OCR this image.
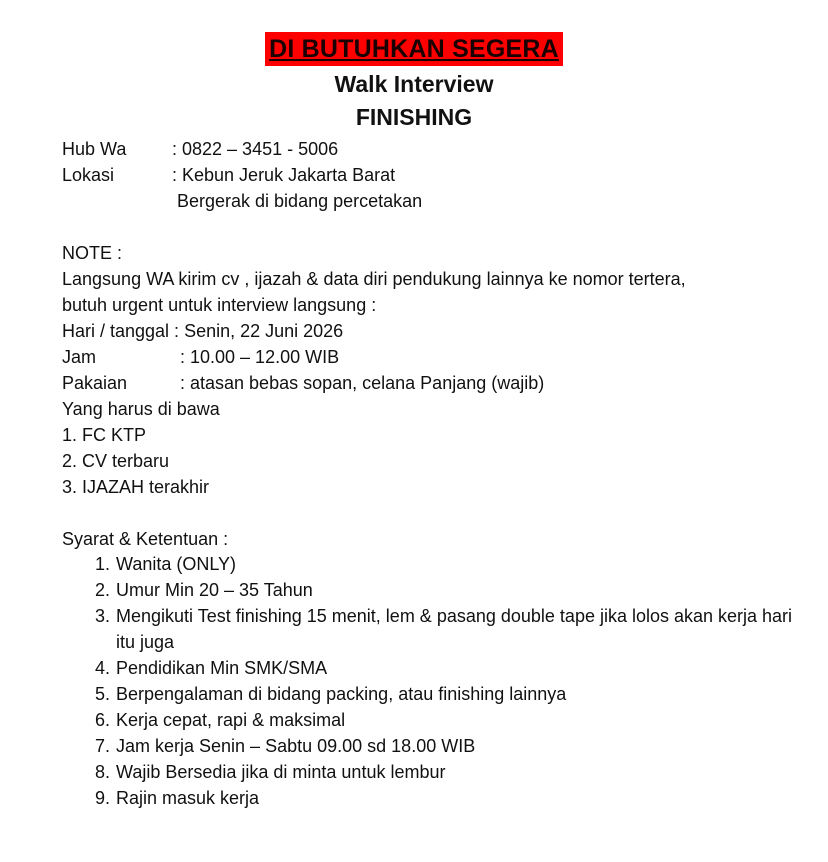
DI BUTUHKAN SEGERA
Walk Interview
FINISHING
Hub Wa	: 0822 – 3451 - 5006
Lokasi	: Kebun Jeruk Jakarta Barat
Bergerak di bidang percetakan
NOTE :
Langsung WA kirim cv , ijazah & data diri pendukung lainnya ke nomor tertera,
butuh urgent untuk interview langsung :
Hari / tanggal : Senin, 22 Juni 2026
Jam	: 10.00 – 12.00 WIB
Pakaian	: atasan bebas sopan, celana Panjang (wajib)
Yang harus di bawa
1. FC KTP
2. CV terbaru
3. IJAZAH terakhir
Syarat & Ketentuan :
1. Wanita (ONLY)
2. Umur Min 20 – 35 Tahun
3. Mengikuti Test finishing 15 menit, lem & pasang double tape jika lolos akan kerja hari itu juga
4. Pendidikan Min SMK/SMA
5. Berpengalaman di bidang packing, atau finishing lainnya
6. Kerja cepat, rapi & maksimal
7. Jam kerja Senin – Sabtu 09.00 sd 18.00 WIB
8. Wajib Bersedia jika di minta untuk lembur
9. Rajin masuk kerja
